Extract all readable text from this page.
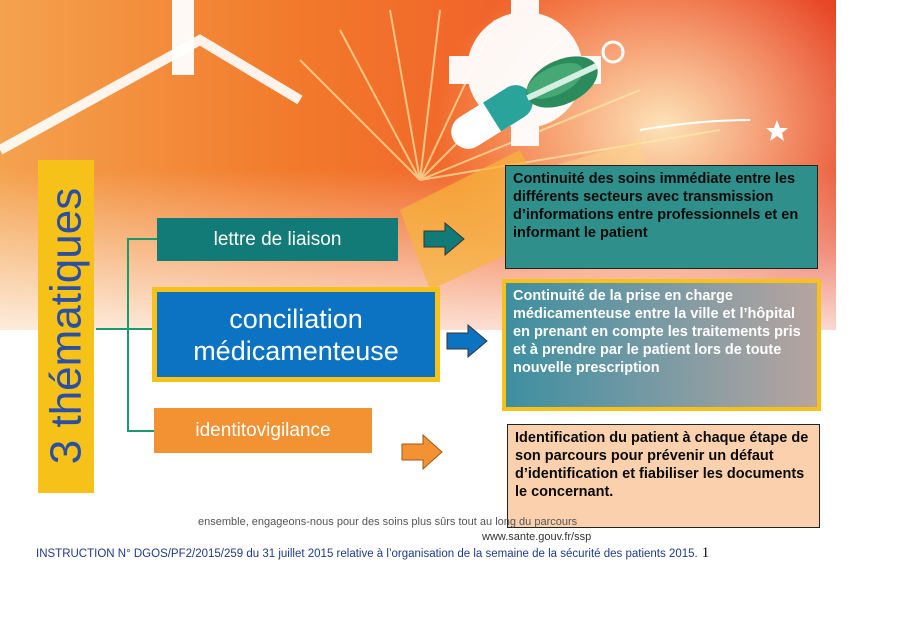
3 thématiques	lettre de liaison
conciliation
médicamenteuse
identitovigilance
Continuité des soins immédiate entre les différents secteurs avec transmission d’informations entre professionnels et en informant le patient
Continuité de la prise en charge médicamenteuse entre la ville et l’hôpital en prenant en compte les traitements pris et à prendre par le patient lors de toute nouvelle prescription
Identification du patient à chaque étape de son parcours pour prévenir un défaut d’identification et fiabiliser les documents le concernant.
ensemble, engageons-nous pour des soins plus sûrs tout au long du parcours
www.sante.gouv.fr/ssp
INSTRUCTION N° DGOS/PF2/2015/259 du 31 juillet 2015 relative à l’organisation de la semaine de la sécurité des patients 2015. 1
